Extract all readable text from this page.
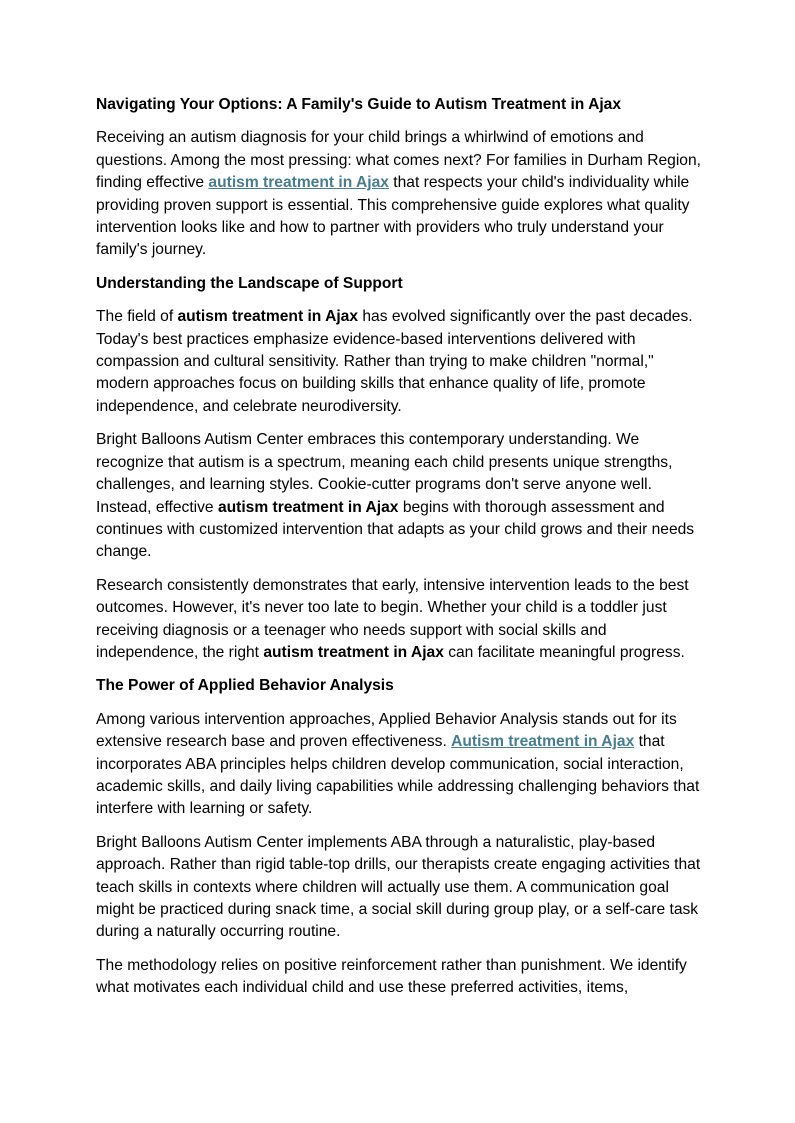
Navigating Your Options: A Family's Guide to Autism Treatment in Ajax

Receiving an autism diagnosis for your child brings a whirlwind of emotions and questions. Among the most pressing: what comes next? For families in Durham Region, finding effective autism treatment in Ajax that respects your child's individuality while providing proven support is essential. This comprehensive guide explores what quality intervention looks like and how to partner with providers who truly understand your family's journey.

Understanding the Landscape of Support

The field of autism treatment in Ajax has evolved significantly over the past decades. Today's best practices emphasize evidence-based interventions delivered with compassion and cultural sensitivity. Rather than trying to make children "normal," modern approaches focus on building skills that enhance quality of life, promote independence, and celebrate neurodiversity.

Bright Balloons Autism Center embraces this contemporary understanding. We recognize that autism is a spectrum, meaning each child presents unique strengths, challenges, and learning styles. Cookie-cutter programs don't serve anyone well. Instead, effective autism treatment in Ajax begins with thorough assessment and continues with customized intervention that adapts as your child grows and their needs change.

Research consistently demonstrates that early, intensive intervention leads to the best outcomes. However, it's never too late to begin. Whether your child is a toddler just receiving diagnosis or a teenager who needs support with social skills and independence, the right autism treatment in Ajax can facilitate meaningful progress.

The Power of Applied Behavior Analysis

Among various intervention approaches, Applied Behavior Analysis stands out for its extensive research base and proven effectiveness. Autism treatment in Ajax that incorporates ABA principles helps children develop communication, social interaction, academic skills, and daily living capabilities while addressing challenging behaviors that interfere with learning or safety.

Bright Balloons Autism Center implements ABA through a naturalistic, play-based approach. Rather than rigid table-top drills, our therapists create engaging activities that teach skills in contexts where children will actually use them. A communication goal might be practiced during snack time, a social skill during group play, or a self-care task during a naturally occurring routine.

The methodology relies on positive reinforcement rather than punishment. We identify what motivates each individual child and use these preferred activities, items,
